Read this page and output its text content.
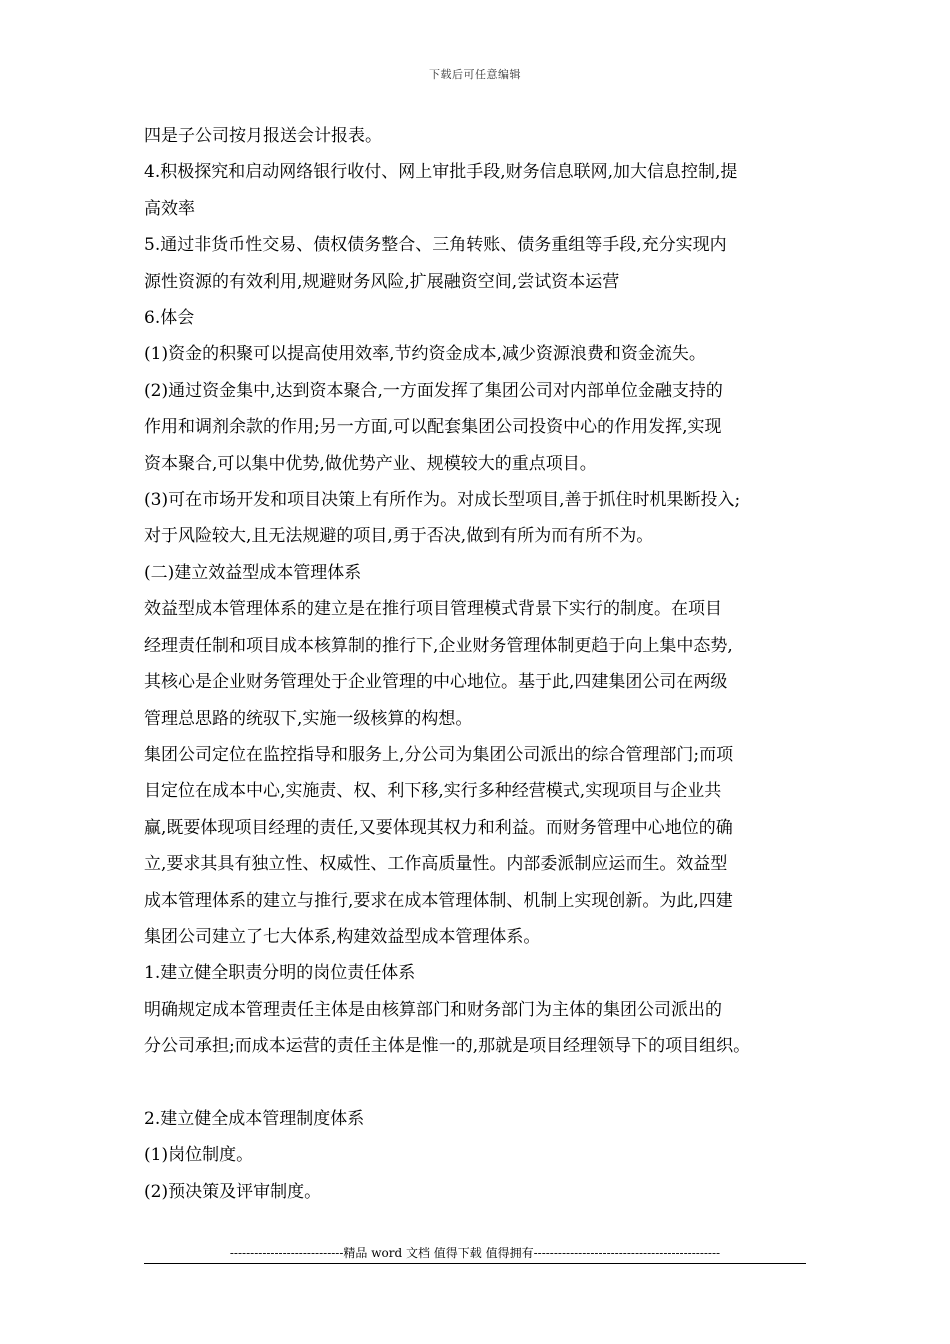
下载后可任意编辑

四是子公司按月报送会计报表。

4.积极探究和启动网络银行收付、网上审批手段,财务信息联网,加大信息控制,提

高效率

5.通过非货币性交易、债权债务整合、三角转账、债务重组等手段,充分实现内

源性资源的有效利用,规避财务风险,扩展融资空间,尝试资本运营

6.体会

(1)资金的积聚可以提高使用效率,节约资金成本,减少资源浪费和资金流失。

(2)通过资金集中,达到资本聚合,一方面发挥了集团公司对内部单位金融支持的

作用和调剂余款的作用;另一方面,可以配套集团公司投资中心的作用发挥,实现

资本聚合,可以集中优势,做优势产业、规模较大的重点项目。

(3)可在市场开发和项目决策上有所作为。对成长型项目,善于抓住时机果断投入;

对于风险较大,且无法规避的项目,勇于否决,做到有所为而有所不为。

(二)建立效益型成本管理体系

效益型成本管理体系的建立是在推行项目管理模式背景下实行的制度。在项目

经理责任制和项目成本核算制的推行下,企业财务管理体制更趋于向上集中态势,

其核心是企业财务管理处于企业管理的中心地位。基于此,四建集团公司在两级

管理总思路的统驭下,实施一级核算的构想。

集团公司定位在监控指导和服务上,分公司为集团公司派出的综合管理部门;而项

目定位在成本中心,实施责、权、利下移,实行多种经营模式,实现项目与企业共

赢,既要体现项目经理的责任,又要体现其权力和利益。而财务管理中心地位的确

立,要求其具有独立性、权威性、工作高质量性。内部委派制应运而生。效益型

成本管理体系的建立与推行,要求在成本管理体制、机制上实现创新。为此,四建

集团公司建立了七大体系,构建效益型成本管理体系。

1.建立健全职责分明的岗位责任体系

明确规定成本管理责任主体是由核算部门和财务部门为主体的集团公司派出的

分公司承担;而成本运营的责任主体是惟一的,那就是项目经理领导下的项目组织。

2.建立健全成本管理制度体系

(1)岗位制度。

(2)预决策及评审制度。

----------------------------精品 word 文档 值得下载 值得拥有----------------------------------------------
